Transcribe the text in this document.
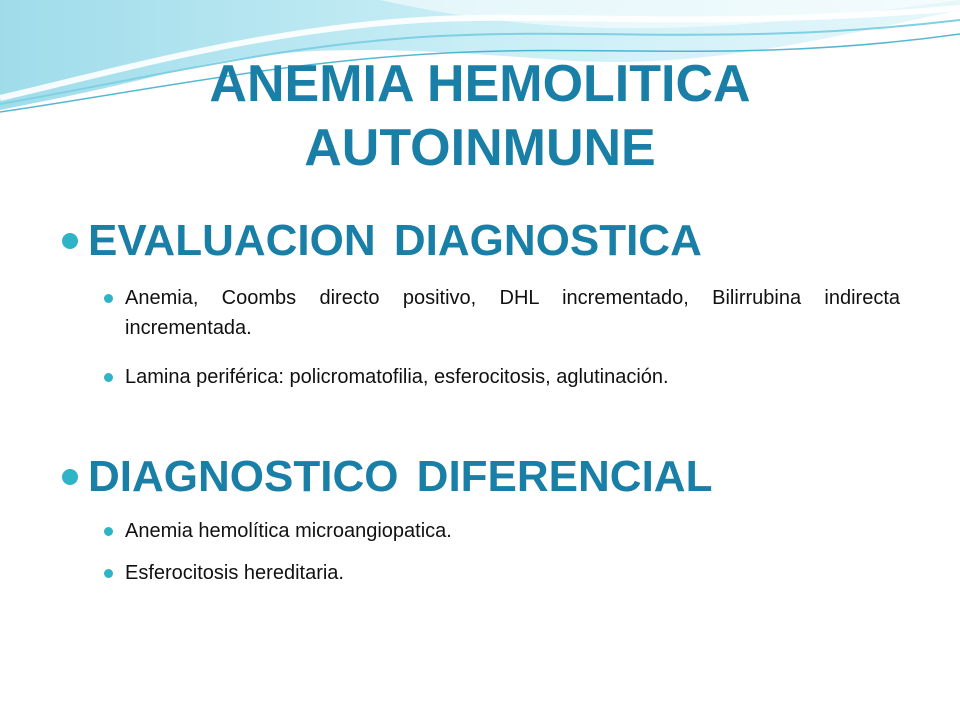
ANEMIA HEMOLITICA
AUTOINMUNE
EVALUACION DIAGNOSTICA
Anemia, Coombs directo positivo, DHL incrementado, Bilirrubina indirecta incrementada.
Lamina periférica: policromatofilia, esferocitosis, aglutinación.
DIAGNOSTICO DIFERENCIAL
Anemia hemolítica microangiopatica.
Esferocitosis hereditaria.
